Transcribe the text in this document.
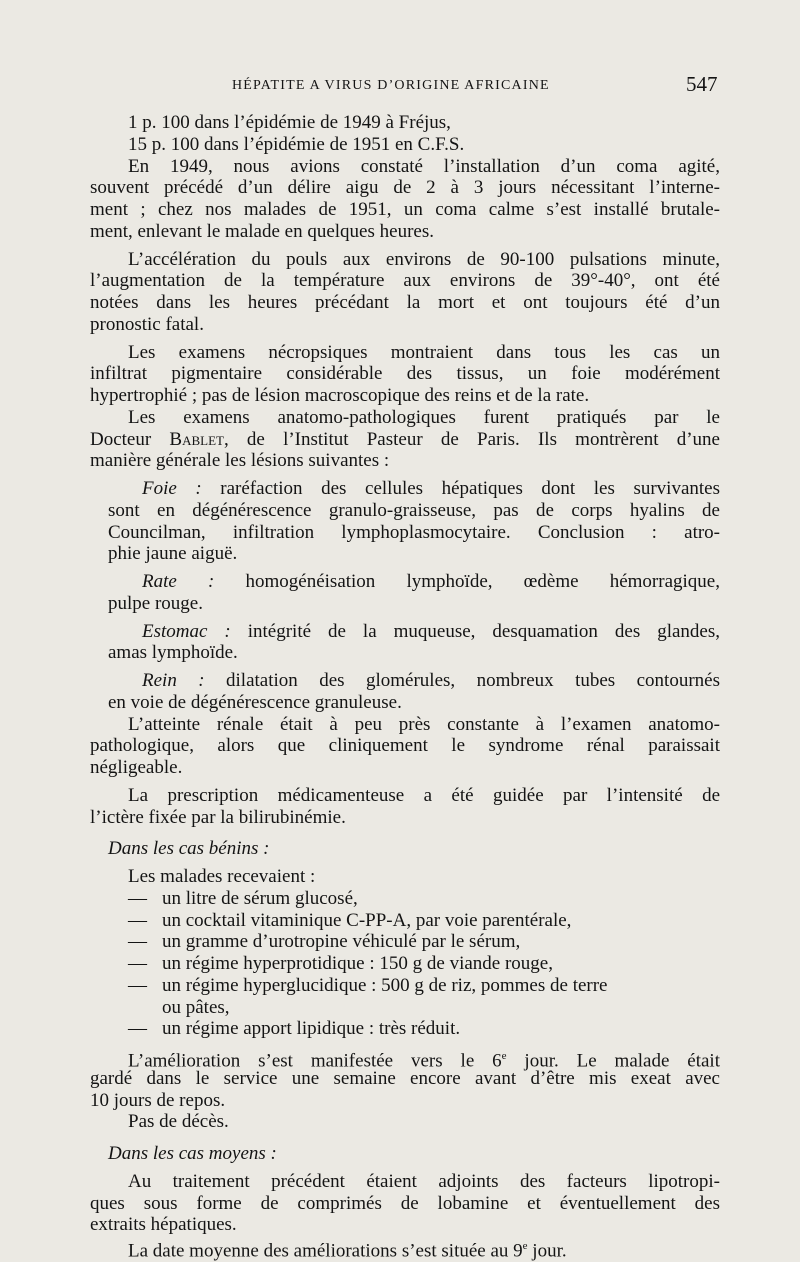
HÉPATITE A VIRUS D’ORIGINE AFRICAINE	547
1 p. 100 dans l’épidémie de 1949 à Fréjus,
15 p. 100 dans l’épidémie de 1951 en C.F.S.
En 1949, nous avions constaté l’installation d’un coma agité,
souvent précédé d’un délire aigu de 2 à 3 jours nécessitant l’interne-
ment ; chez nos malades de 1951, un coma calme s’est installé brutale-
ment, enlevant le malade en quelques heures.
L’accélération du pouls aux environs de 90-100 pulsations minute,
l’augmentation de la température aux environs de 39°-40°, ont été
notées dans les heures précédant la mort et ont toujours été d’un
pronostic fatal.
Les examens nécropsiques montraient dans tous les cas un
infiltrat pigmentaire considérable des tissus, un foie modérément
hypertrophié ; pas de lésion macroscopique des reins et de la rate.
Les examens anatomo-pathologiques furent pratiqués par le
Docteur Bablet, de l’Institut Pasteur de Paris. Ils montrèrent d’une
manière générale les lésions suivantes :
Foie : raréfaction des cellules hépatiques dont les survivantes
sont en dégénérescence granulo-graisseuse, pas de corps hyalins de
Councilman, infiltration lymphoplasmocytaire. Conclusion : atro-
phie jaune aiguë.
Rate : homogénéisation lymphoïde, œdème hémorragique,
pulpe rouge.
Estomac : intégrité de la muqueuse, desquamation des glandes,
amas lymphoïde.
Rein : dilatation des glomérules, nombreux tubes contournés
en voie de dégénérescence granuleuse.
L’atteinte rénale était à peu près constante à l’examen anatomo-
pathologique, alors que cliniquement le syndrome rénal paraissait
négligeable.
La prescription médicamenteuse a été guidée par l’intensité de
l’ictère fixée par la bilirubinémie.
Dans les cas bénins :
Les malades recevaient :
— un litre de sérum glucosé,
— un cocktail vitaminique C-PP-A, par voie parentérale,
— un gramme d’urotropine véhiculé par le sérum,
— un régime hyperprotidique : 150 g de viande rouge,
— un régime hyperglucidique : 500 g de riz, pommes de terre
ou pâtes,
— un régime apport lipidique : très réduit.
L’amélioration s’est manifestée vers le 6e jour. Le malade était
gardé dans le service une semaine encore avant d’être mis exeat avec
10 jours de repos.
Pas de décès.
Dans les cas moyens :
Au traitement précédent étaient adjoints des facteurs lipotropi-
ques sous forme de comprimés de lobamine et éventuellement des
extraits hépatiques.
La date moyenne des améliorations s’est située au 9e jour.
